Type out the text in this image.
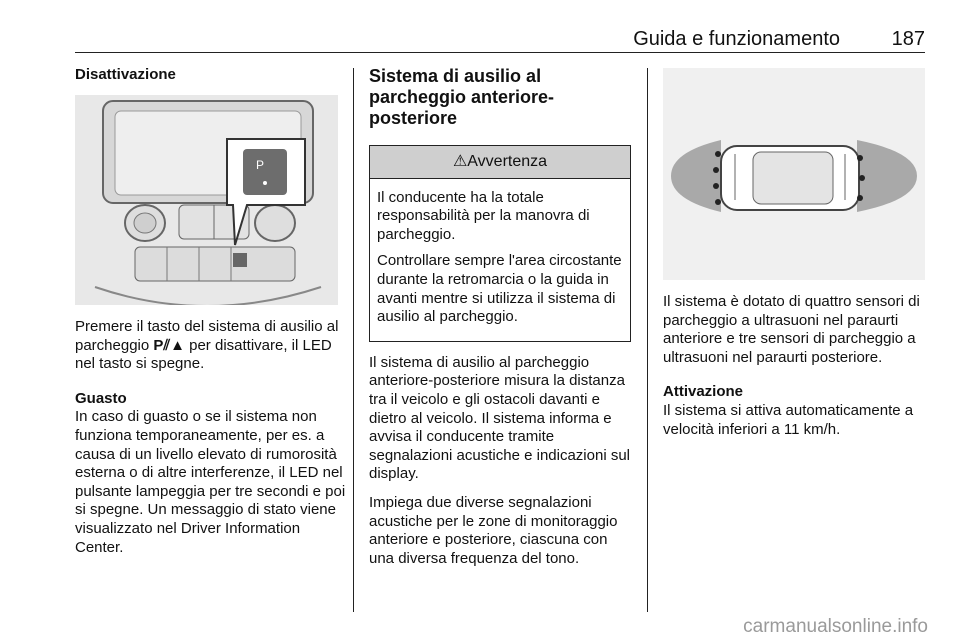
Guida e funzionamento	187
Disattivazione
P

Premere il tasto del sistema di ausilio al parcheggio P⫽▲ per disattivare, il LED nel tasto si spegne.

Guasto

In caso di guasto o se il sistema non funziona temporaneamente, per es. a causa di un livello elevato di rumorosità esterna o di altre interferenze, il LED nel pulsante lampeggia per tre secondi e poi si spegne. Un messaggio di stato viene visualizzato nel Driver Information Center.

Sistema di ausilio al parcheggio anteriore-posteriore
⚠Avvertenza

Il conducente ha la totale responsabilità per la manovra di parcheggio.

Controllare sempre l'area circostante durante la retromarcia o la guida in avanti mentre si utilizza il sistema di ausilio al parcheggio.

Il sistema di ausilio al parcheggio anteriore-posteriore misura la distanza tra il veicolo e gli ostacoli davanti e dietro al veicolo. Il sistema informa e avvisa il conducente tramite segnalazioni acustiche e indicazioni sul display.

Impiega due diverse segnalazioni acustiche per le zone di monitoraggio anteriore e posteriore, ciascuna con una diversa frequenza del tono.

Il sistema è dotato di quattro sensori di parcheggio a ultrasuoni nel paraurti anteriore e tre sensori di parcheggio a ultrasuoni nel paraurti posteriore.

Attivazione

Il sistema si attiva automaticamente a velocità inferiori a 11 km/h.

carmanualsonline.info
